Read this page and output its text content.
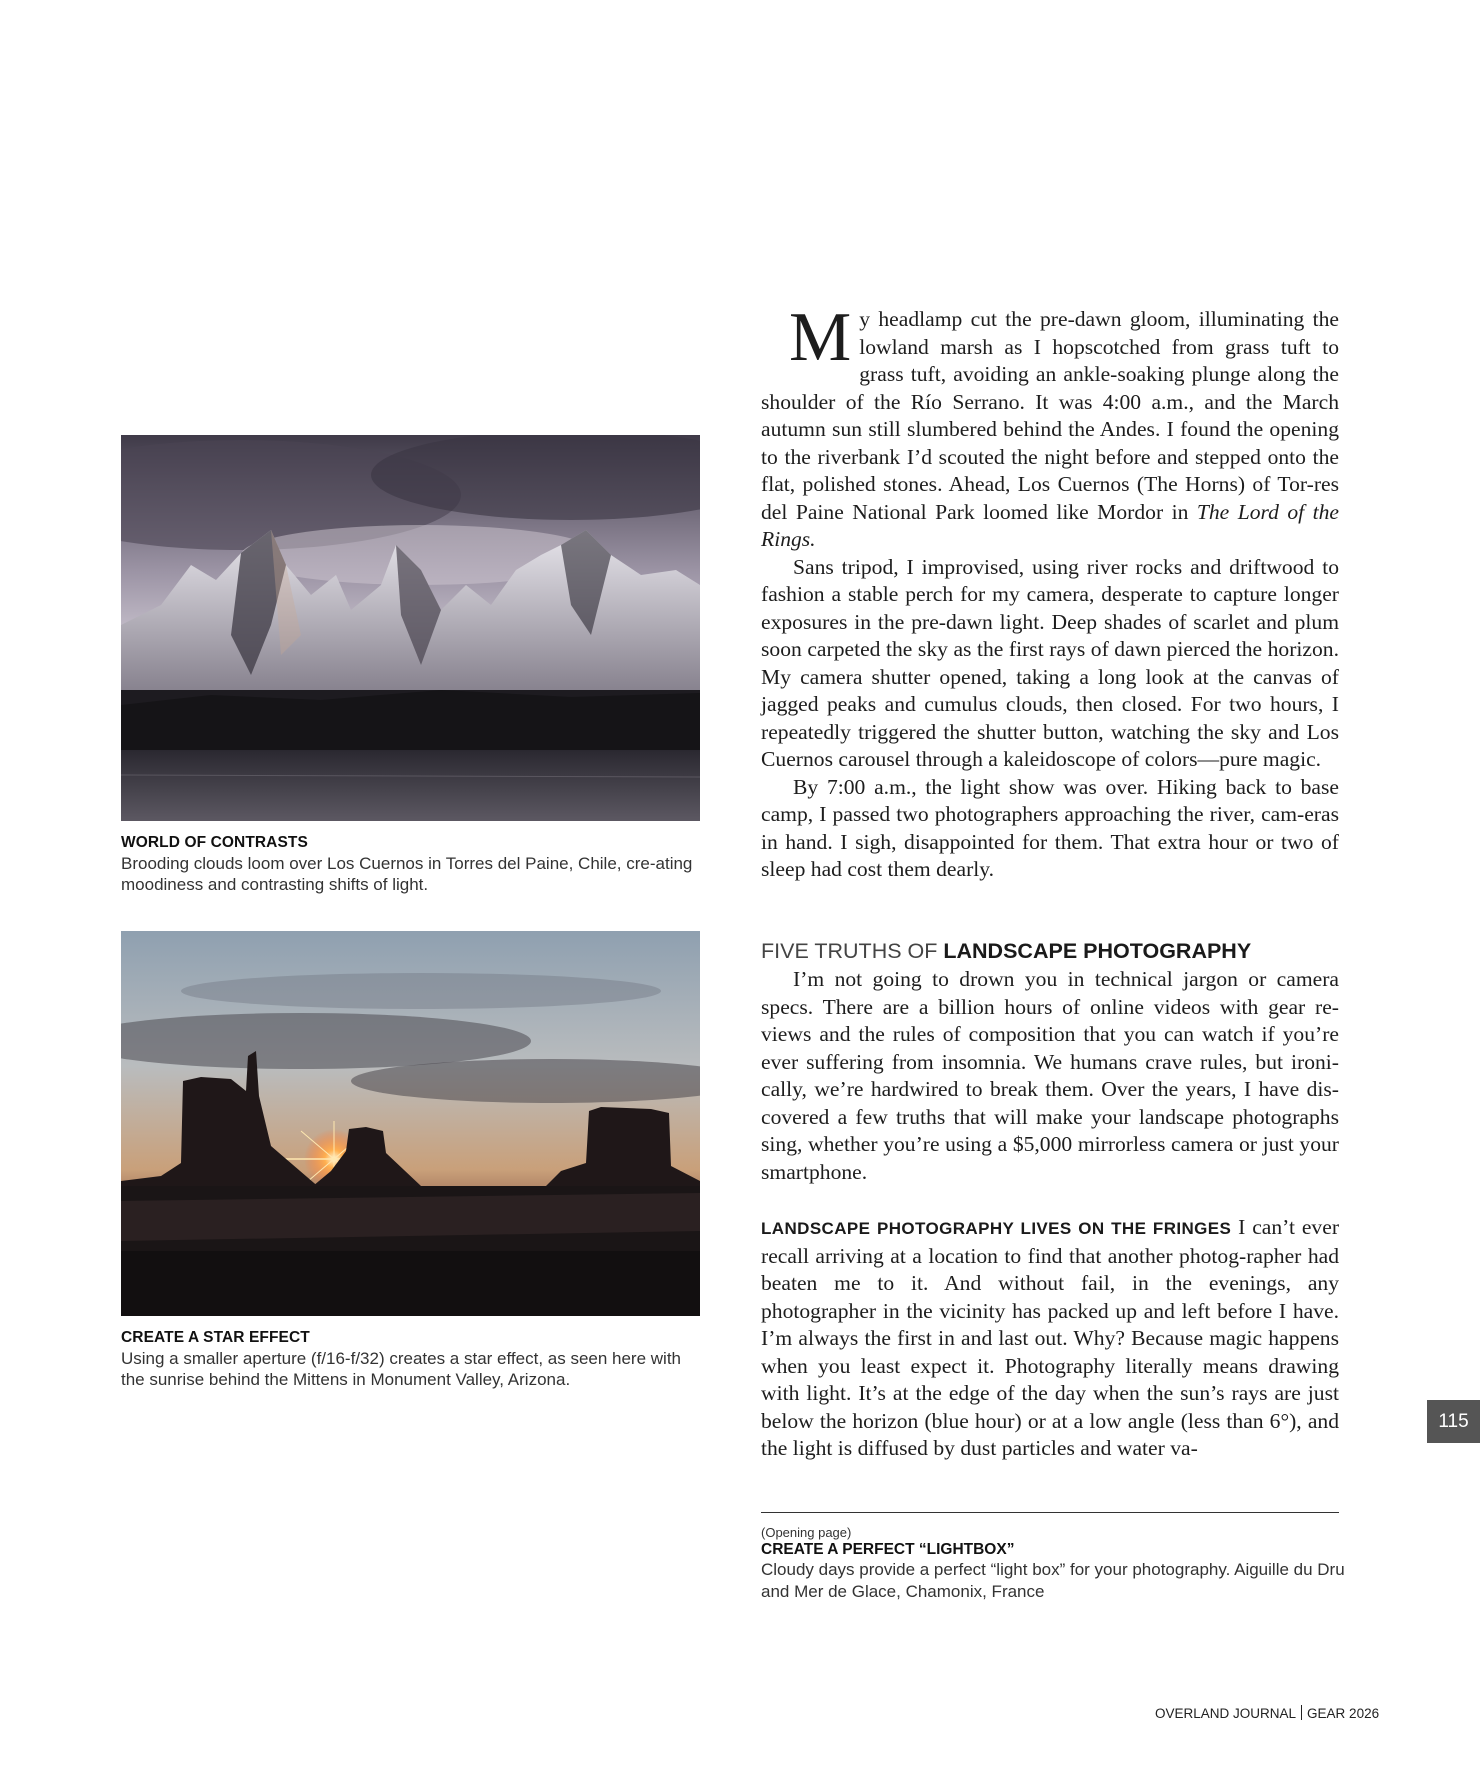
WORLD OF CONTRASTS
Brooding clouds loom over Los Cuernos in Torres del Paine, Chile, cre-ating moodiness and contrasting shifts of light.
CREATE A STAR EFFECT
Using a smaller aperture (f/16-f/32) creates a star effect, as seen here with the sunrise behind the Mittens in Monument Valley, Arizona.

My headlamp cut the pre-dawn gloom, illuminating the lowland marsh as I hopscotched from grass tuft to grass tuft, avoiding an ankle-soaking plunge along the shoulder of the Río Serrano. It was 4:00 a.m., and the March autumn sun still slumbered behind the Andes. I found the opening to the riverbank I’d scouted the night before and stepped onto the flat, polished stones. Ahead, Los Cuernos (The Horns) of Tor-res del Paine National Park loomed like Mordor in The Lord of the Rings.

Sans tripod, I improvised, using river rocks and driftwood to fashion a stable perch for my camera, desperate to capture longer exposures in the pre-dawn light. Deep shades of scarlet and plum soon carpeted the sky as the first rays of dawn pierced the horizon. My camera shutter opened, taking a long look at the canvas of jagged peaks and cumulus clouds, then closed. For two hours, I repeatedly triggered the shutter button, watching the sky and Los Cuernos carousel through a kaleidoscope of colors—pure magic.

By 7:00 a.m., the light show was over. Hiking back to base camp, I passed two photographers approaching the river, cam-eras in hand. I sigh, disappointed for them. That extra hour or two of sleep had cost them dearly.

FIVE TRUTHS OF LANDSCAPE PHOTOGRAPHY

I’m not going to drown you in technical jargon or camera specs. There are a billion hours of online videos with gear re-views and the rules of composition that you can watch if you’re ever suffering from insomnia. We humans crave rules, but ironi-cally, we’re hardwired to break them. Over the years, I have dis-covered a few truths that will make your landscape photographs sing, whether you’re using a $5,000 mirrorless camera or just your smartphone.

LANDSCAPE PHOTOGRAPHY LIVES ON THE FRINGES I can’t ever recall arriving at a location to find that another photog-rapher had beaten me to it. And without fail, in the evenings, any photographer in the vicinity has packed up and left before I have. I’m always the first in and last out. Why? Because magic happens when you least expect it. Photography literally means drawing with light. It’s at the edge of the day when the sun’s rays are just below the horizon (blue hour) or at a low angle (less than 6°), and the light is diffused by dust particles and water va-

(Opening page)
CREATE A PERFECT “LIGHTBOX”
Cloudy days provide a perfect “light box” for your photography. Aiguille du Dru and Mer de Glace, Chamonix, France
115
OVERLAND JOURNAL GEAR 2026
